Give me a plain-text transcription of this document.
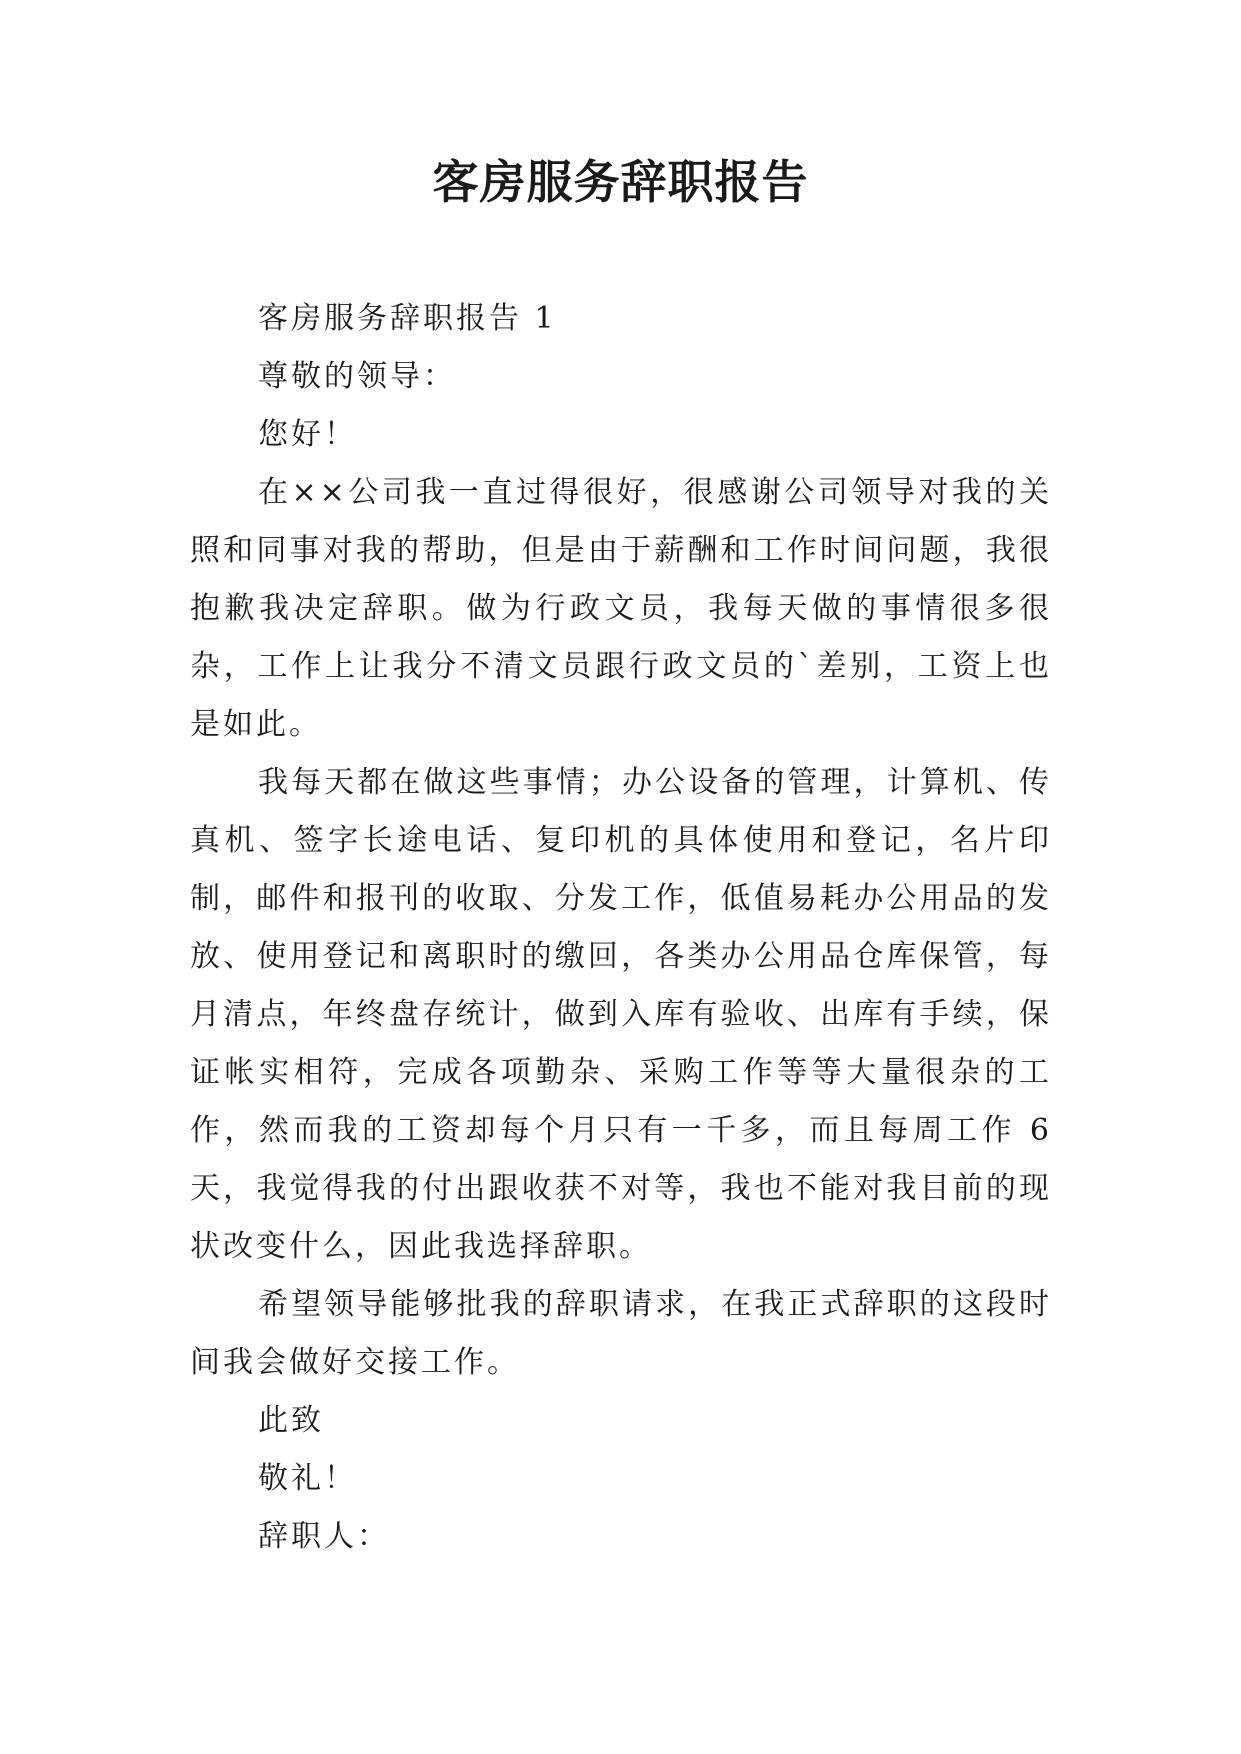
客房服务辞职报告

客房服务辞职报告 1

尊敬的领导：

您好！

在××公司我一直过得很好，很感谢公司领导对我的关照和同事对我的帮助，但是由于薪酬和工作时间问题，我很抱歉我决定辞职。做为行政文员，我每天做的事情很多很杂，工作上让我分不清文员跟行政文员的`差别，工资上也是如此。

我每天都在做这些事情；办公设备的管理，计算机、传真机、签字长途电话、复印机的具体使用和登记，名片印制，邮件和报刊的收取、分发工作，低值易耗办公用品的发放、使用登记和离职时的缴回，各类办公用品仓库保管，每月清点，年终盘存统计，做到入库有验收、出库有手续，保证帐实相符，完成各项勤杂、采购工作等等大量很杂的工作，然而我的工资却每个月只有一千多，而且每周工作 6 天，我觉得我的付出跟收获不对等，我也不能对我目前的现状改变什么，因此我选择辞职。

希望领导能够批我的辞职请求，在我正式辞职的这段时间我会做好交接工作。

此致

敬礼！

辞职人：
